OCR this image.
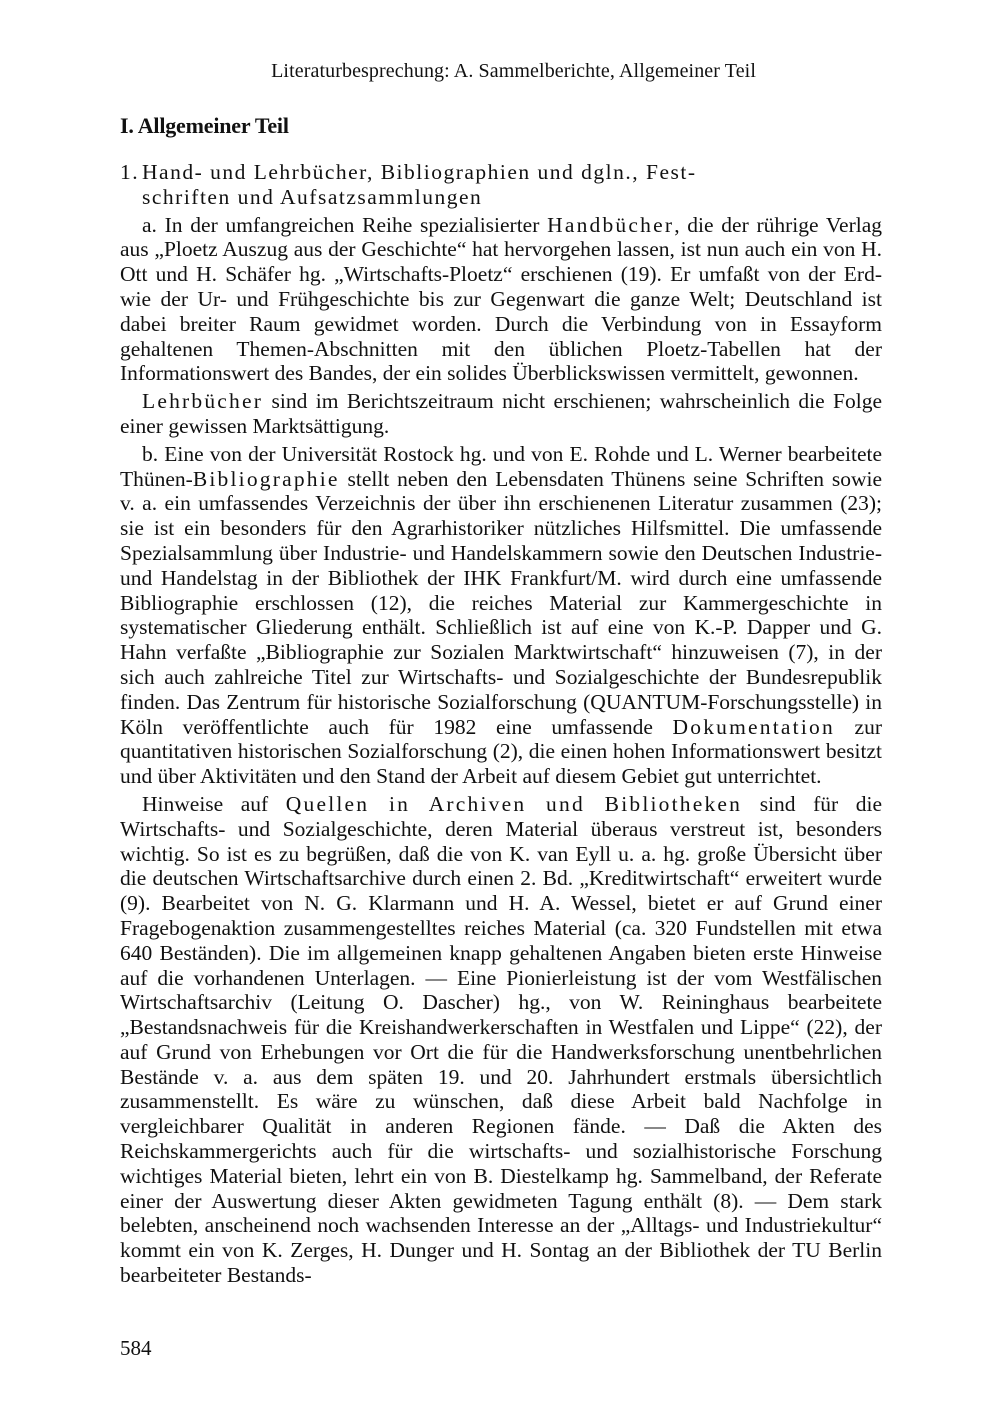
Literaturbesprechung: A. Sammelberichte, Allgemeiner Teil
I. Allgemeiner Teil
1. Hand- und Lehrbücher, Bibliographien und dgln., Fest-
schriften und Aufsatzsammlungen

a. In der umfangreichen Reihe spezialisierter Handbücher, die der rührige Verlag aus „Ploetz Auszug aus der Geschichte“ hat hervorgehen lassen, ist nun auch ein von H. Ott und H. Schäfer hg. „Wirtschafts-Ploetz“ erschienen (19). Er umfaßt von der Erd- wie der Ur- und Frühgeschichte bis zur Gegenwart die ganze Welt; Deutschland ist dabei breiter Raum gewidmet worden. Durch die Verbindung von in Essayform gehaltenen Themen-Abschnitten mit den üblichen Ploetz-Tabellen hat der Informationswert des Bandes, der ein solides Überblickswissen vermittelt, gewonnen.

Lehrbücher sind im Berichtszeitraum nicht erschienen; wahrscheinlich die Folge einer gewissen Marktsättigung.

b. Eine von der Universität Rostock hg. und von E. Rohde und L. Werner bearbeitete Thünen-Bibliographie stellt neben den Lebensdaten Thünens seine Schriften sowie v. a. ein umfassendes Verzeichnis der über ihn erschienenen Literatur zusammen (23); sie ist ein besonders für den Agrarhistoriker nützliches Hilfsmittel. Die umfassende Spezialsammlung über Industrie- und Handelskammern sowie den Deutschen Industrie- und Handelstag in der Bibliothek der IHK Frankfurt/M. wird durch eine umfassende Bibliographie erschlossen (12), die reiches Material zur Kammergeschichte in systematischer Gliederung enthält. Schließlich ist auf eine von K.-P. Dapper und G. Hahn verfaßte „Bibliographie zur Sozialen Marktwirtschaft“ hinzuweisen (7), in der sich auch zahlreiche Titel zur Wirtschafts- und Sozialgeschichte der Bundesrepublik finden. Das Zentrum für historische Sozialforschung (QUANTUM-Forschungsstelle) in Köln veröffentlichte auch für 1982 eine umfassende Dokumentation zur quantitativen historischen Sozialforschung (2), die einen hohen Informationswert besitzt und über Aktivitäten und den Stand der Arbeit auf diesem Gebiet gut unterrichtet.

Hinweise auf Quellen in Archiven und Bibliotheken sind für die Wirtschafts- und Sozialgeschichte, deren Material überaus verstreut ist, besonders wichtig. So ist es zu begrüßen, daß die von K. van Eyll u. a. hg. große Übersicht über die deutschen Wirtschaftsarchive durch einen 2. Bd. „Kreditwirtschaft“ erweitert wurde (9). Bearbeitet von N. G. Klarmann und H. A. Wessel, bietet er auf Grund einer Fragebogenaktion zusammengestelltes reiches Material (ca. 320 Fundstellen mit etwa 640 Beständen). Die im allgemeinen knapp gehaltenen Angaben bieten erste Hinweise auf die vorhandenen Unterlagen. — Eine Pionierleistung ist der vom Westfälischen Wirtschaftsarchiv (Leitung O. Dascher) hg., von W. Reininghaus bearbeitete „Bestandsnachweis für die Kreishandwerkerschaften in Westfalen und Lippe“ (22), der auf Grund von Erhebungen vor Ort die für die Handwerksforschung unentbehrlichen Bestände v. a. aus dem späten 19. und 20. Jahrhundert erstmals übersichtlich zusammenstellt. Es wäre zu wünschen, daß diese Arbeit bald Nachfolge in vergleichbarer Qualität in anderen Regionen fände. — Daß die Akten des Reichskammergerichts auch für die wirtschafts- und sozialhistorische Forschung wichtiges Material bieten, lehrt ein von B. Diestelkamp hg. Sammelband, der Referate einer der Auswertung dieser Akten gewidmeten Tagung enthält (8). — Dem stark belebten, anscheinend noch wachsenden Interesse an der „Alltags- und Industriekultur“ kommt ein von K. Zerges, H. Dunger und H. Sontag an der Bibliothek der TU Berlin bearbeiteter Bestands-

584
